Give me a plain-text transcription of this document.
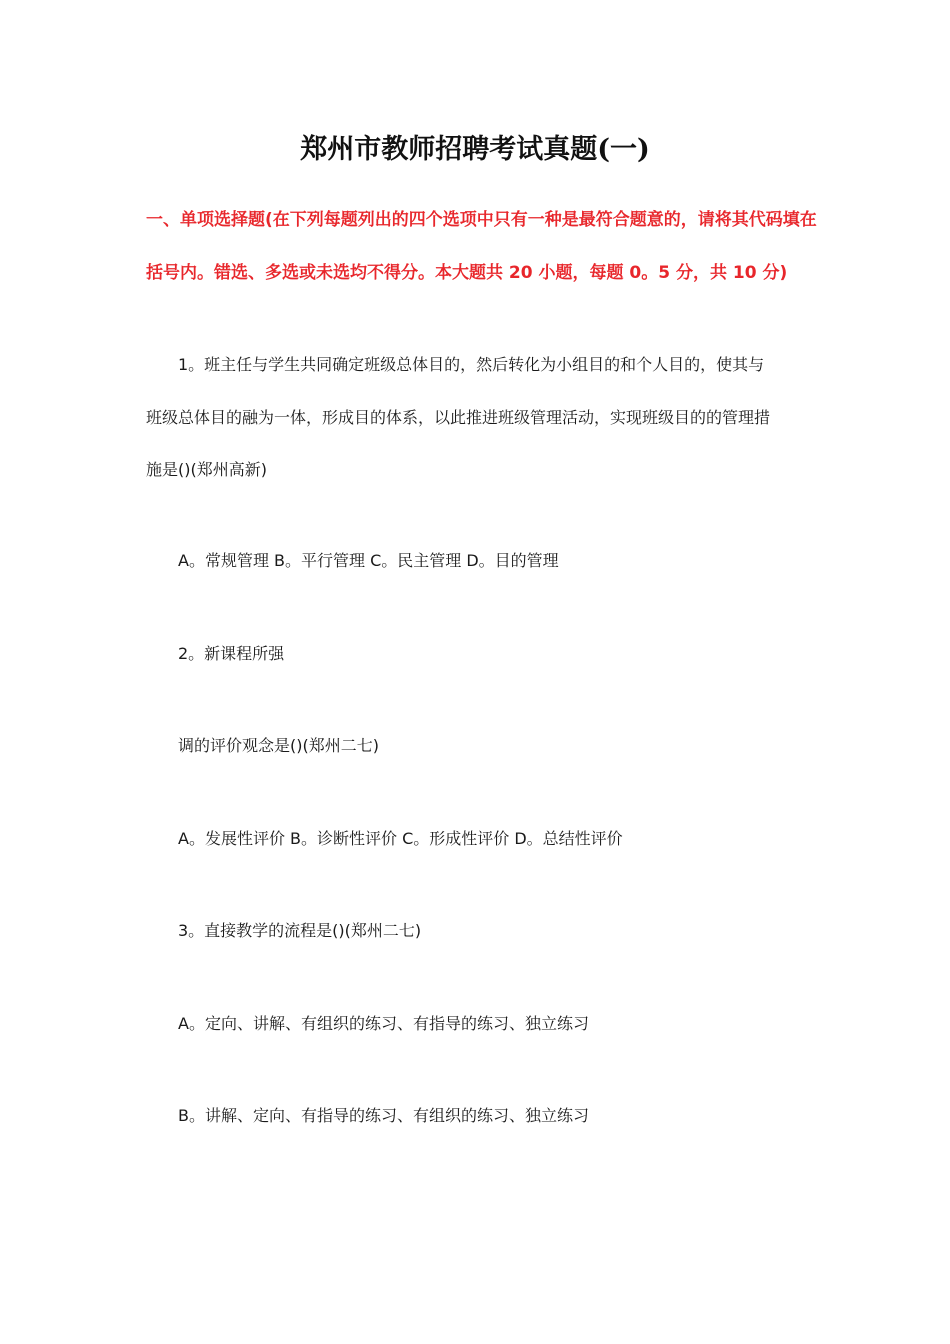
郑州市教师招聘考试真题(一)
一、单项选择题(在下列每题列出的四个选项中只有一种是最符合题意的，请将其代码填在
括号内。错选、多选或未选均不得分。本大题共 20 小题，每题 0。5 分，共 10 分)
1。班主任与学生共同确定班级总体目的，然后转化为小组目的和个人目的，使其与
班级总体目的融为一体，形成目的体系，以此推进班级管理活动，实现班级目的的管理措
施是()(郑州高新)
A。常规管理 B。平行管理 C。民主管理 D。目的管理
2。新课程所强
调的评价观念是()(郑州二七)
A。发展性评价 B。诊断性评价 C。形成性评价 D。总结性评价
3。直接教学的流程是()(郑州二七)
A。定向、讲解、有组织的练习、有指导的练习、独立练习
B。讲解、定向、有指导的练习、有组织的练习、独立练习
